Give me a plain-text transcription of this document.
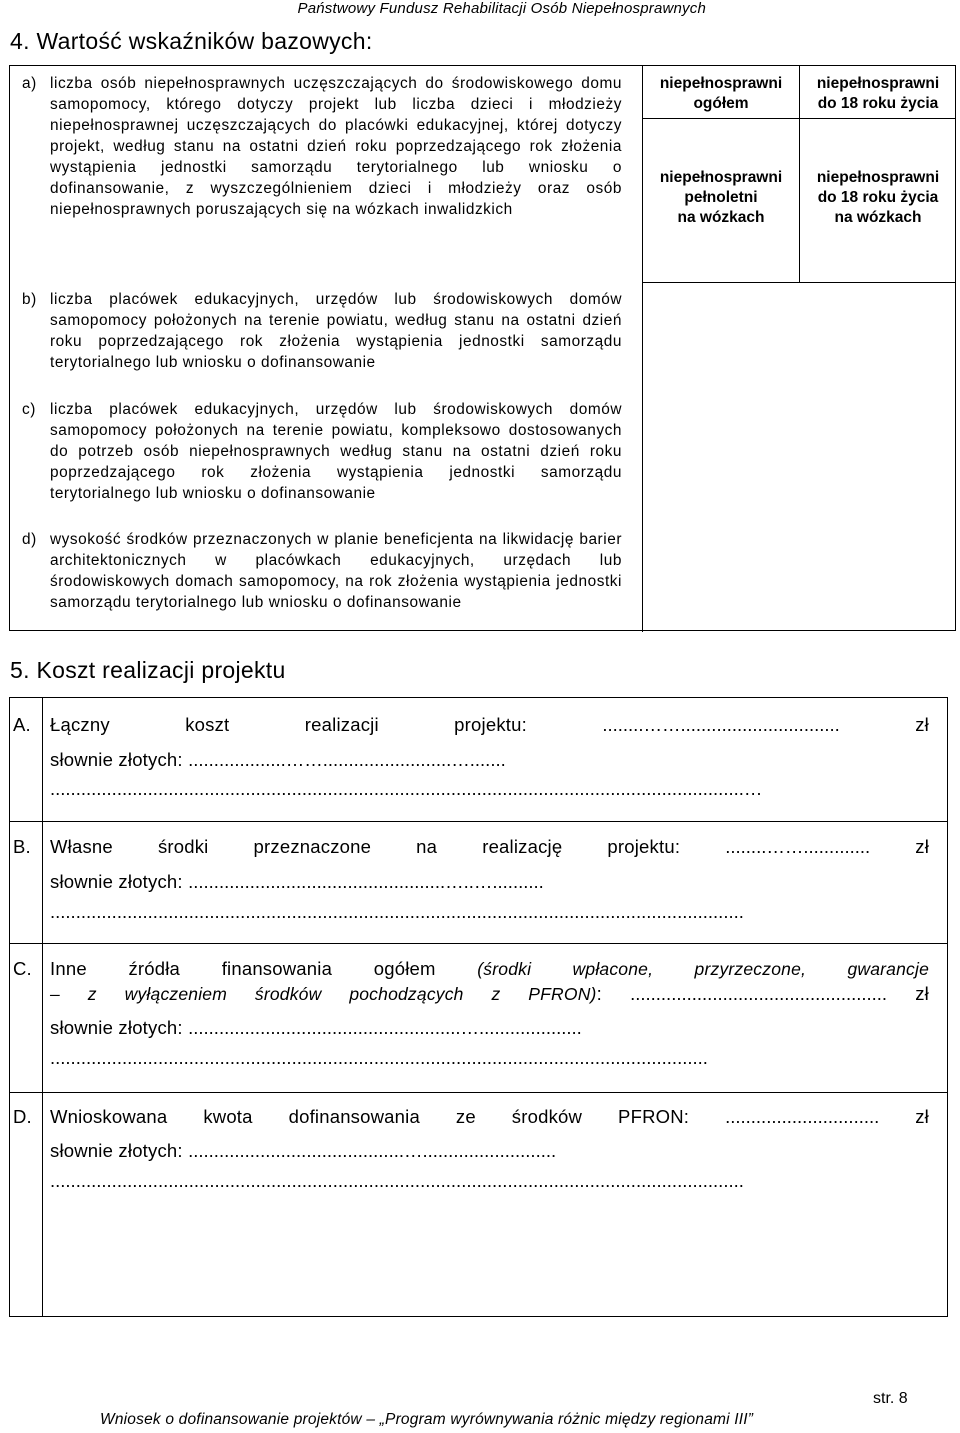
Państwowy Fundusz Rehabilitacji Osób Niepełnosprawnych
4. Wartość wskaźników bazowych:
a) liczba osób niepełnosprawnych uczęszczających do środowiskowego domu samopomocy, którego dotyczy projekt lub liczba dzieci i młodzieży niepełnosprawnej uczęszczających do placówki edukacyjnej, której dotyczy projekt, według stanu na ostatni dzień roku poprzedzającego rok złożenia wystąpienia jednostki samorządu terytorialnego lub wniosku o dofinansowanie, z wyszczególnieniem dzieci i młodzieży oraz osób niepełnosprawnych poruszających się na wózkach inwalidzkich
niepełnosprawni
ogółem
niepełnosprawni
do 18 roku życia
niepełnosprawni
pełnoletni
na wózkach
niepełnosprawni
do 18 roku życia
na wózkach
b) liczba placówek edukacyjnych, urzędów lub środowiskowych domów samopomocy położonych na terenie powiatu, według stanu na ostatni dzień roku poprzedzającego rok złożenia wystąpienia jednostki samorządu terytorialnego lub wniosku o dofinansowanie
c) liczba placówek edukacyjnych, urzędów lub środowiskowych domów samopomocy położonych na terenie powiatu, kompleksowo dostosowanych do potrzeb osób niepełnosprawnych według stanu na ostatni dzień roku poprzedzającego rok złożenia wystąpienia jednostki samorządu terytorialnego lub wniosku o dofinansowanie
d) wysokość środków przeznaczonych w planie beneficjenta na likwidację barier architektonicznych w placówkach edukacyjnych, urzędach lub środowiskowych domach samopomocy, na rok złożenia wystąpienia jednostki samorządu terytorialnego lub wniosku o dofinansowanie
5. Koszt realizacji projektu
A. Łączny koszt realizacji projektu:	........……...............................	zł
słownie złotych: ...................…….........................….......
.......................................................................................................................................…
B. Własne środki przeznaczone na realizację projektu: ........……............. zł
słownie złotych: ..................................................…..…..........
.......................................................................................................................................
C. Inne źródła finansowania ogółem (środki wpłacone, przyrzeczone, gwarancje
– z wyłączeniem środków pochodzących z PFRON): .................................................. zł
słownie złotych: .....................................................…....................
................................................................................................................................
D. Wnioskowana kwota dofinansowania ze środków PFRON: .............................. zł
słownie złotych: ..........................................…..........................
.......................................................................................................................................
str. 8
Wniosek o dofinansowanie projektów – „Program wyrównywania różnic między regionami III”
